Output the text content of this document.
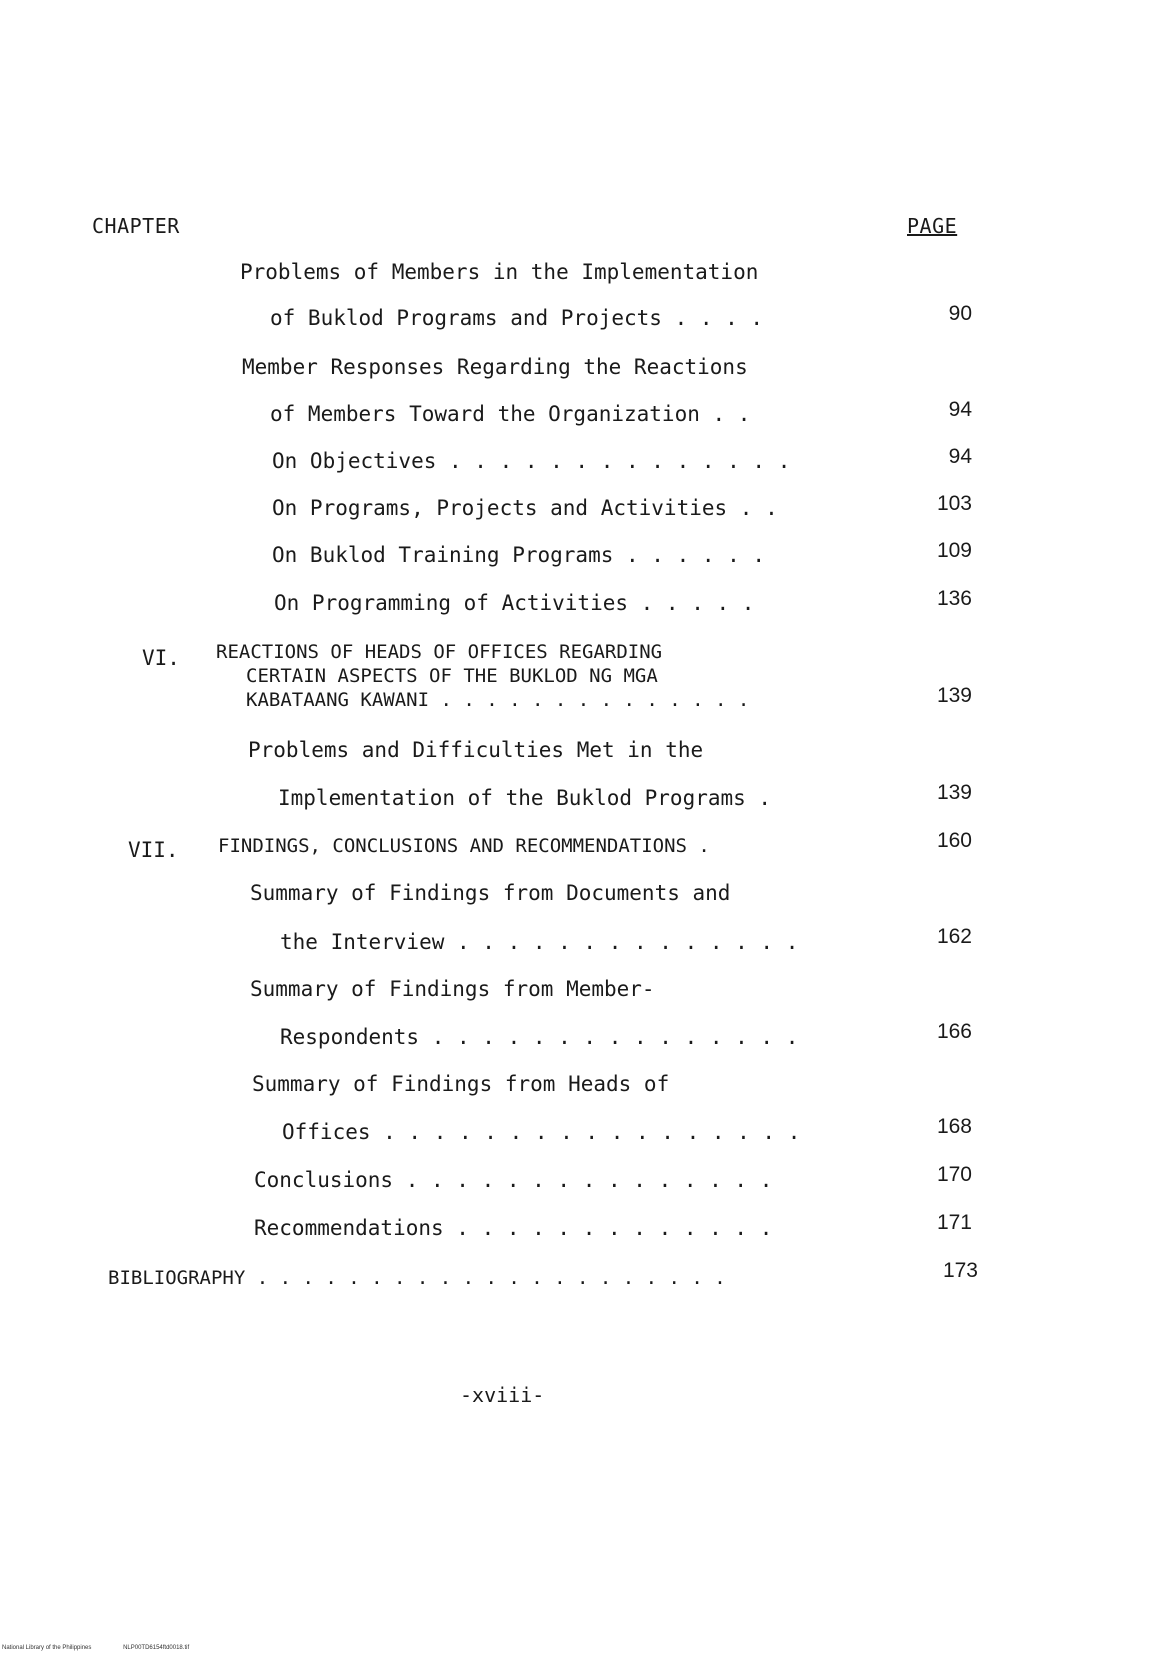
CHAPTER	PAGE
Problems of Members in the Implementation
of Buklod Programs and Projects . . . .	90
Member Responses Regarding the Reactions
of Members Toward the Organization . .	94
On Objectives . . . . . . . . . . . . . .	94
On Programs, Projects and Activities . .	103
On Buklod Training Programs . . . . . .	109
On Programming of Activities . . . . .	136
VI. REACTIONS OF HEADS OF OFFICES REGARDING
CERTAIN ASPECTS OF THE BUKLOD NG MGA
KABATAANG KAWANI . . . . . . . . . . . . . .	139
Problems and Difficulties Met in the
Implementation of the Buklod Programs .	139
VII. FINDINGS, CONCLUSIONS AND RECOMMENDATIONS .	160
Summary of Findings from Documents and
the Interview . . . . . . . . . . . . . .	162
Summary of Findings from Member-
Respondents . . . . . . . . . . . . . . .	166
Summary of Findings from Heads of
Offices . . . . . . . . . . . . . . . . .	168
Conclusions . . . . . . . . . . . . . . .	170
Recommendations . . . . . . . . . . . . .	171
BIBLIOGRAPHY . . . . . . . . . . . . . . . . . . . . .	173
-xviii-
National Library of the Philippines	NLP00TD6154ftd0018.tif
